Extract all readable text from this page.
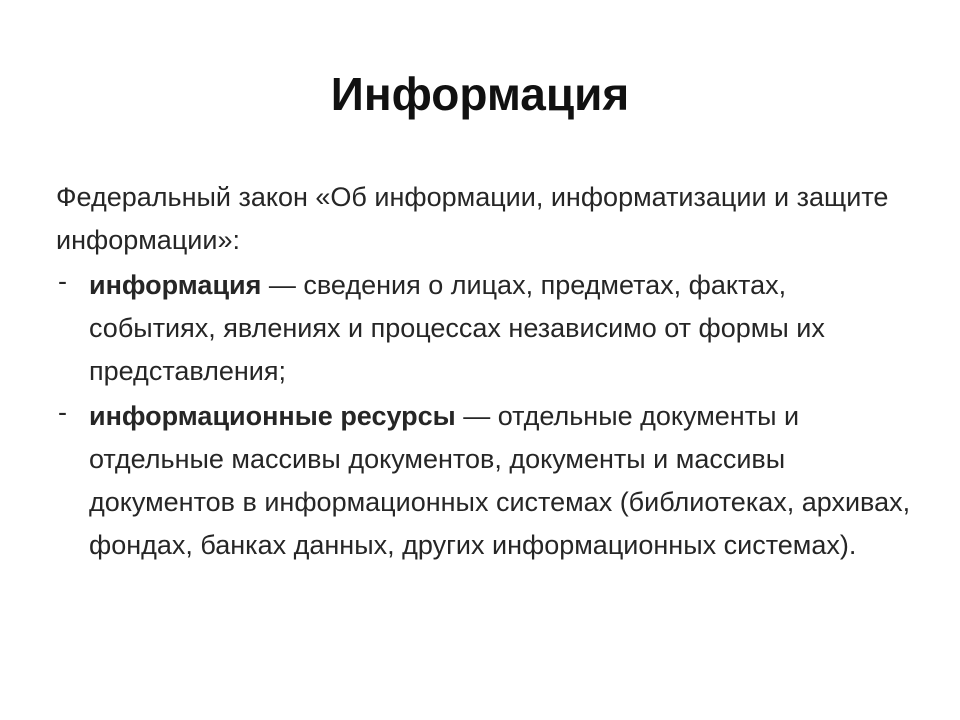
Информация
Федеральный закон «Об информации, информатизации и защите информации»:
- информация — сведения о лицах, предметах, фактах, событиях, явлениях и процессах независимо от формы их представления;
- информационные ресурсы — отдельные документы и отдельные массивы документов, документы и массивы документов в информационных системах (библиотеках, архивах, фондах, банках данных, других информационных системах).
